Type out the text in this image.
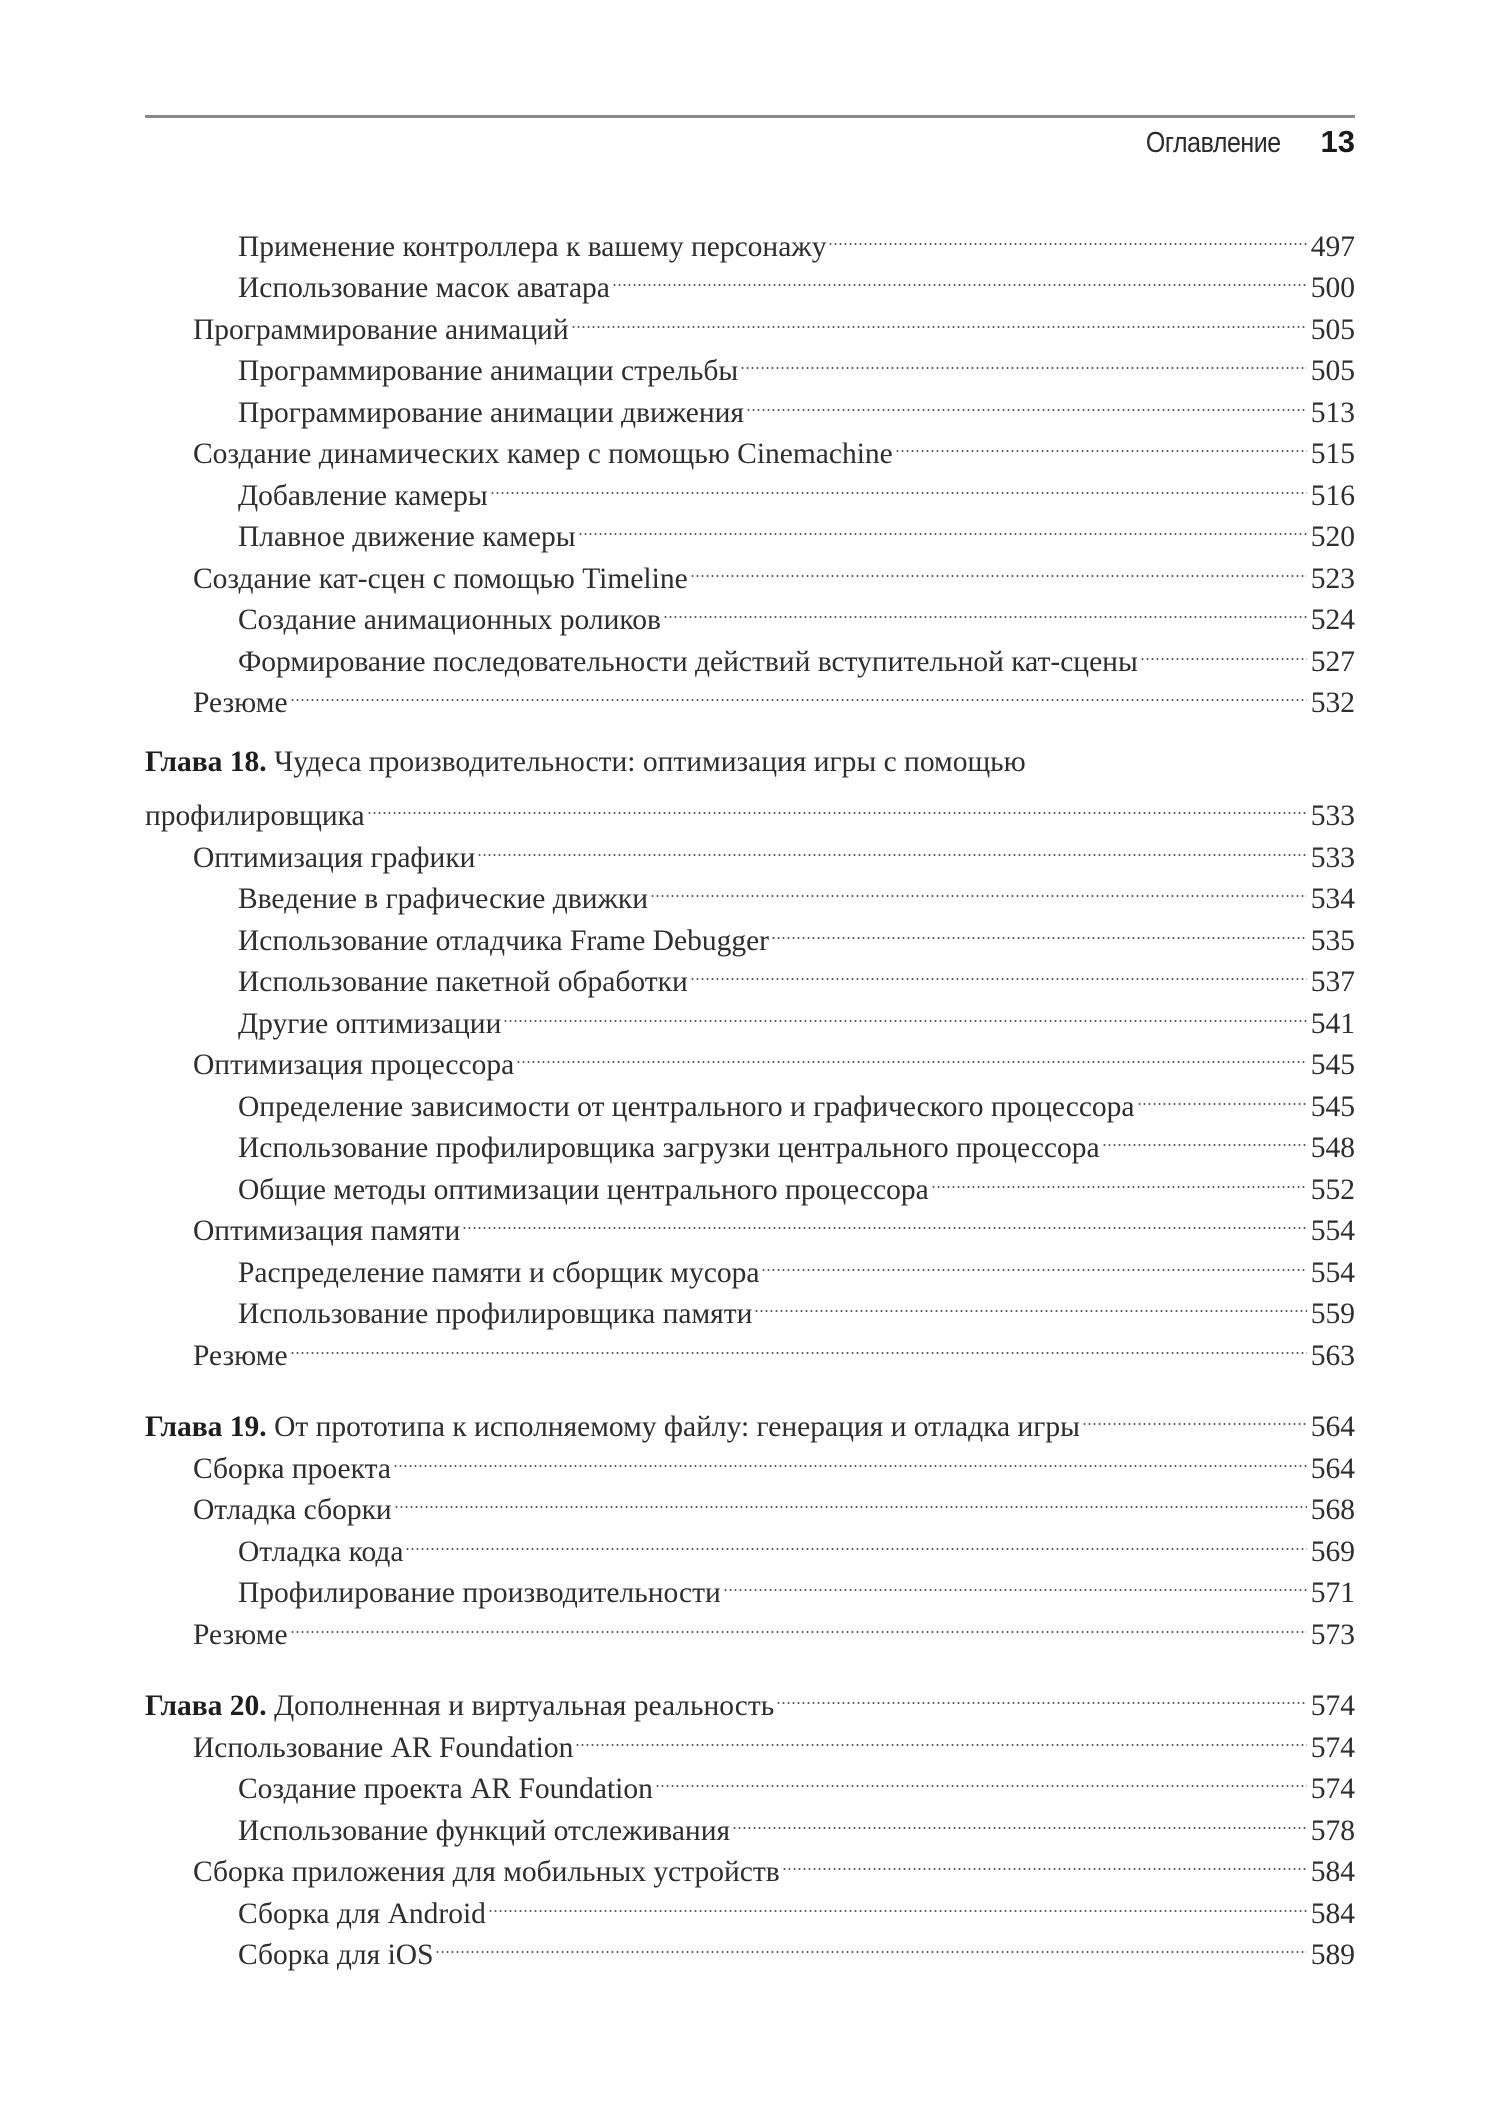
Оглавление 13
Применение контроллера к вашему персонажу	497
Использование масок аватара	500
Программирование анимаций	505
Программирование анимации стрельбы	505
Программирование анимации движения	513
Создание динамических камер с помощью Cinemachine	515
Добавление камеры	516
Плавное движение камеры	520
Создание кат-сцен с помощью Timeline	523
Создание анимационных роликов	524
Формирование последовательности действий вступительной кат-сцены	527
Резюме	532
Глава 18. Чудеса производительности: оптимизация игры с помощью
профилировщика	533
Оптимизация графики	533
Введение в графические движки	534
Использование отладчика Frame Debugger	535
Использование пакетной обработки	537
Другие оптимизации	541
Оптимизация процессора	545
Определение зависимости от центрального и графического процессора	545
Использование профилировщика загрузки центрального процессора	548
Общие методы оптимизации центрального процессора	552
Оптимизация памяти	554
Распределение памяти и сборщик мусора	554
Использование профилировщика памяти	559
Резюме	563
Глава 19. От прототипа к исполняемому файлу: генерация и отладка игры	564
Сборка проекта	564
Отладка сборки	568
Отладка кода	569
Профилирование производительности	571
Резюме	573
Глава 20. Дополненная и виртуальная реальность	574
Использование AR Foundation	574
Создание проекта AR Foundation	574
Использование функций отслеживания	578
Сборка приложения для мобильных устройств	584
Сборка для Android	584
Сборка для iOS	589
